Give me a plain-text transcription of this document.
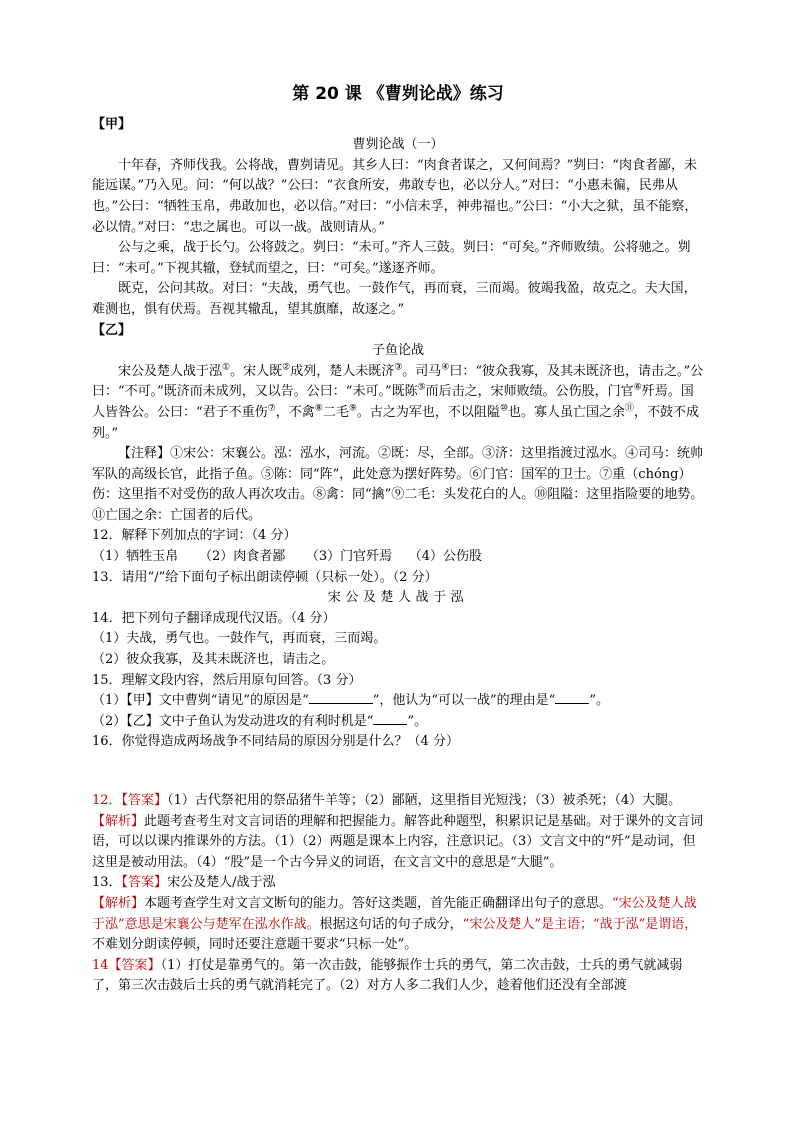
第 20 课 《曹刿论战》练习

【甲】

曹刿论战（一）

十年春，齐师伐我。公将战，曹刿请见。其乡人曰：“肉食者谋之，又何间焉？”刿曰：“肉食者鄙，未能远谋。”乃入见。问：“何以战？”公曰：“衣食所安，弗敢专也，必以分人。”对曰：“小惠未徧，民弗从也。”公曰：“牺牲玉帛，弗敢加也，必以信。”对曰：“小信未孚，神弗福也。”公曰：“小大之狱，虽不能察，必以情。”对曰：“忠之属也。可以一战。战则请从。”

公与之乘，战于长勺。公将鼓之。刿曰：“未可。”齐人三鼓。刿曰：“可矣。”齐师败绩。公将驰之。刿曰：“未可。”下视其辙，登轼而望之，曰：“可矣。”遂逐齐师。

既克，公问其故。对曰：“夫战，勇气也。一鼓作气，再而衰，三而竭。彼竭我盈，故克之。夫大国，难测也，惧有伏焉。吾视其辙乱，望其旗靡，故逐之。”

【乙】

子鱼论战

宋公及楚人战于泓①。宋人既②成列，楚人未既济③。司马④曰：“彼众我寡，及其未既济也，请击之。”公曰：“不可。”既济而未成列，又以告。公曰：“未可。”既陈⑤而后击之，宋师败绩。公伤股，门官⑥歼焉。国人皆咎公。公曰：“君子不重伤⑦，不禽⑧二毛⑨。古之为军也，不以阻隘⑩也。寡人虽亡国之余⑪，不鼓不成列。”

【注释】①宋公：宋襄公。泓：泓水，河流。②既：尽，全部。③济：这里指渡过泓水。④司马：统帅军队的高级长官，此指子鱼。⑤陈：同“阵”，此处意为摆好阵势。⑥门官：国军的卫士。⑦重（chóng）伤：这里指不对受伤的敌人再次攻击。⑧禽：同“擒”⑨二毛：头发花白的人。⑩阻隘：这里指险要的地势。⑪亡国之余：亡国者的后代。

12．解释下列加点的字词：（4 分）

（1）牺牲玉帛 （2）肉食者鄙 （3）门官歼焉 （4）公伤股

13．请用“/”给下面句子标出朗读停顿（只标一处）。（2 分）

宋公及楚人战于泓

14．把下列句子翻译成现代汉语。（4 分）

（1）夫战，勇气也。一鼓作气，再而衰，三而竭。

（2）彼众我寡，及其未既济也，请击之。

15．理解文段内容，然后用原句回答。（3 分）

（1）【甲】文中曹刿“请见”的原因是“	”，他认为“可以一战”的理由是“	”。

（2）【乙】文中子鱼认为发动进攻的有利时机是“	”。

16．你觉得造成两场战争不同结局的原因分别是什么？（4 分）

12．【答案】（1）古代祭祀用的祭品猪牛羊等；（2）鄙陋，这里指目光短浅；（3）被杀死；（4）大腿。

【解析】此题考查考生对文言词语的理解和把握能力。解答此种题型，积累识记是基础。对于课外的文言词语，可以以课内推课外的方法。（1）（2）两题是课本上内容，注意识记。（3）文言文中的“歼”是动词，但这里是被动用法。（4）“股”是一个古今异义的词语，在文言文中的意思是“大腿”。

13．【答案】宋公及楚人/战于泓

【解析】本题考查学生对文言文断句的能力。答好这类题，首先能正确翻译出句子的意思。“宋公及楚人战于泓”意思是宋襄公与楚军在泓水作战。根据这句话的句子成分，“宋公及楚人”是主语；“战于泓”是谓语，不难划分朗读停顿，同时还要注意题干要求“只标一处”。

14【答案】（1）打仗是靠勇气的。第一次击鼓，能够振作士兵的勇气，第二次击鼓，士兵的勇气就减弱了，第三次击鼓后士兵的勇气就消耗完了。（2）对方人多二我们人少，趁着他们还没有全部渡
